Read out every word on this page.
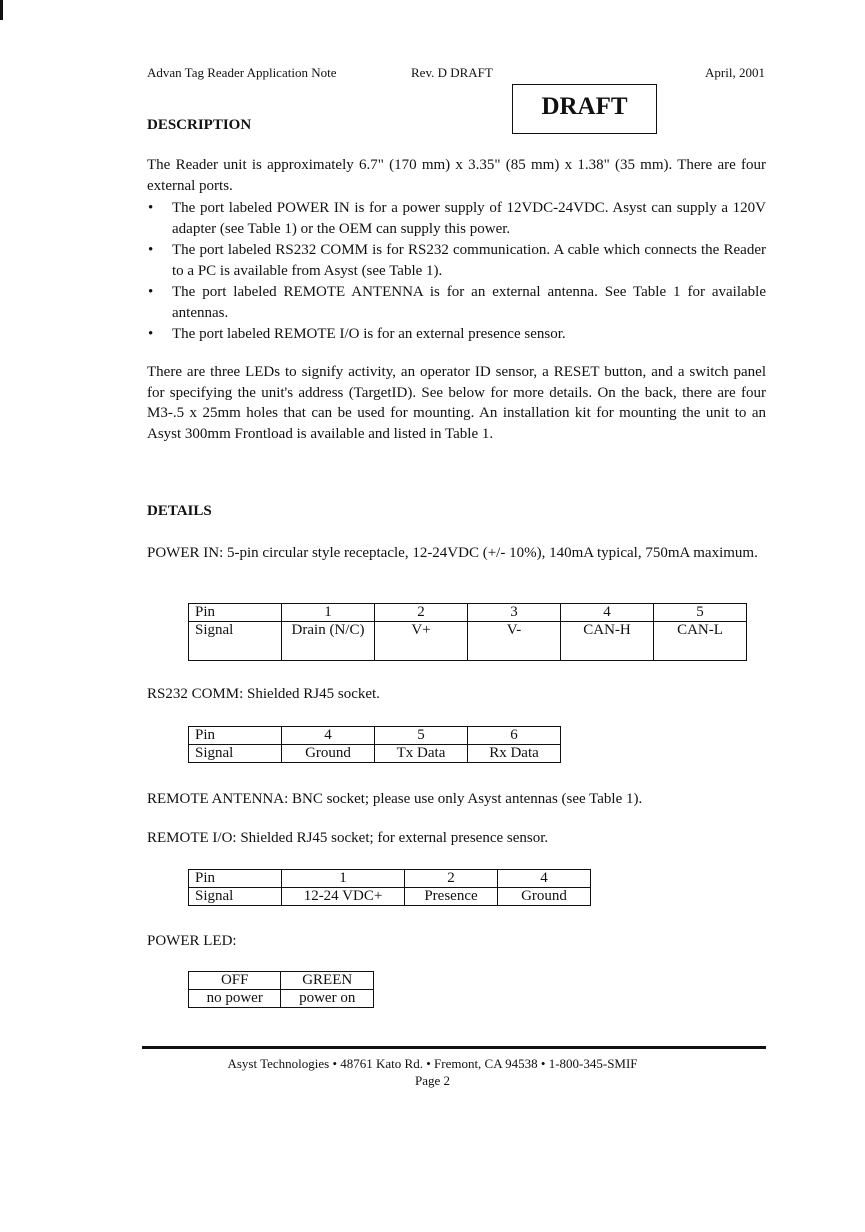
Advan Tag Reader Application Note	Rev. D DRAFT	April, 2001
DRAFT
DESCRIPTION

The Reader unit is approximately 6.7" (170 mm) x 3.35" (85 mm) x 1.38" (35 mm). There are four external ports.

• The port labeled POWER IN is for a power supply of 12VDC-24VDC. Asyst can supply a 120V adapter (see Table 1) or the OEM can supply this power.
• The port labeled RS232 COMM is for RS232 communication. A cable which connects the Reader to a PC is available from Asyst (see Table 1).
• The port labeled REMOTE ANTENNA is for an external antenna. See Table 1 for available antennas.
• The port labeled REMOTE I/O is for an external presence sensor.

There are three LEDs to signify activity, an operator ID sensor, a RESET button, and a switch panel for specifying the unit's address (TargetID). See below for more details. On the back, there are four M3-.5 x 25mm holes that can be used for mounting. An installation kit for mounting the unit to an Asyst 300mm Frontload is available and listed in Table 1.

DETAILS

POWER IN: 5-pin circular style receptacle, 12-24VDC (+/- 10%), 140mA typical, 750mA maximum.

Pin	1	2	3	4	5
Signal	Drain (N/C)	V+	V-	CAN-H	CAN-L
RS232 COMM: Shielded RJ45 socket.
Pin	4	5	6
Signal	Ground	Tx Data	Rx Data
REMOTE ANTENNA: BNC socket; please use only Asyst antennas (see Table 1).
REMOTE I/O: Shielded RJ45 socket; for external presence sensor.
Pin	1	2	4
Signal	12-24 VDC+	Presence	Ground
POWER LED:
OFF	GREEN
no power	power on
Asyst Technologies • 48761 Kato Rd. • Fremont, CA 94538 • 1-800-345-SMIF
Page 2
